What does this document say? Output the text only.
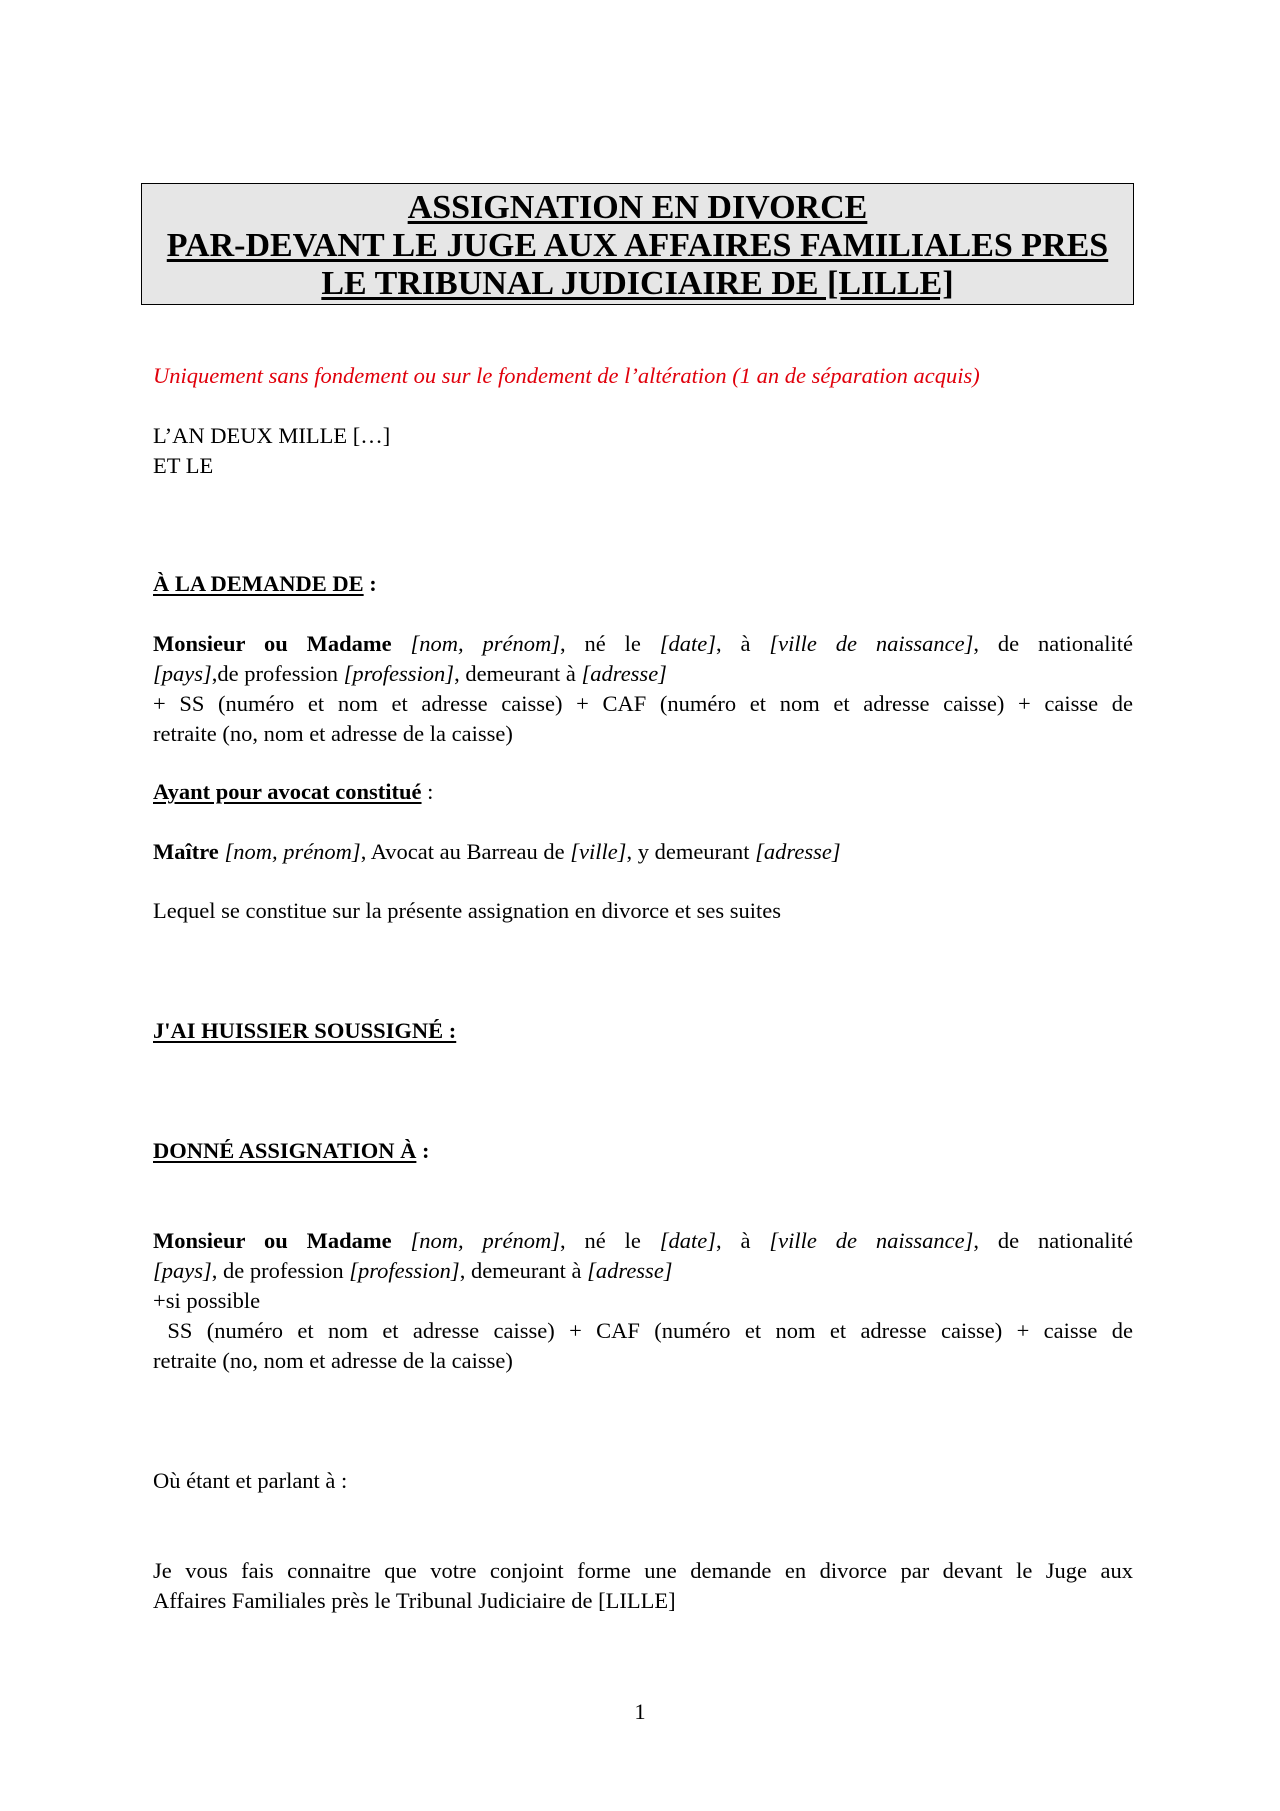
ASSIGNATION EN DIVORCE
PAR-DEVANT LE JUGE AUX AFFAIRES FAMILIALES PRES
LE TRIBUNAL JUDICIAIRE DE [LILLE]
Uniquement sans fondement ou sur le fondement de l’altération (1 an de séparation acquis)
L’AN DEUX MILLE […]
ET LE
À LA DEMANDE DE :
Monsieur ou Madame [nom, prénom], né le [date], à [ville de naissance], de nationalité
[pays],de profession [profession], demeurant à [adresse]
+ SS (numéro et nom et adresse caisse) + CAF (numéro et nom et adresse caisse) + caisse de
retraite (no, nom et adresse de la caisse)
Ayant pour avocat constitué :
Maître [nom, prénom], Avocat au Barreau de [ville], y demeurant [adresse]
Lequel se constitue sur la présente assignation en divorce et ses suites
J'AI HUISSIER SOUSSIGNÉ :
DONNÉ ASSIGNATION À :
Monsieur ou Madame [nom, prénom], né le [date], à [ville de naissance], de nationalité
[pays], de profession [profession], demeurant à [adresse]
+si possible
SS (numéro et nom et adresse caisse) + CAF (numéro et nom et adresse caisse) + caisse de
retraite (no, nom et adresse de la caisse)
Où étant et parlant à :
Je vous fais connaitre que votre conjoint forme une demande en divorce par devant le Juge aux
Affaires Familiales près le Tribunal Judiciaire de [LILLE]
1
